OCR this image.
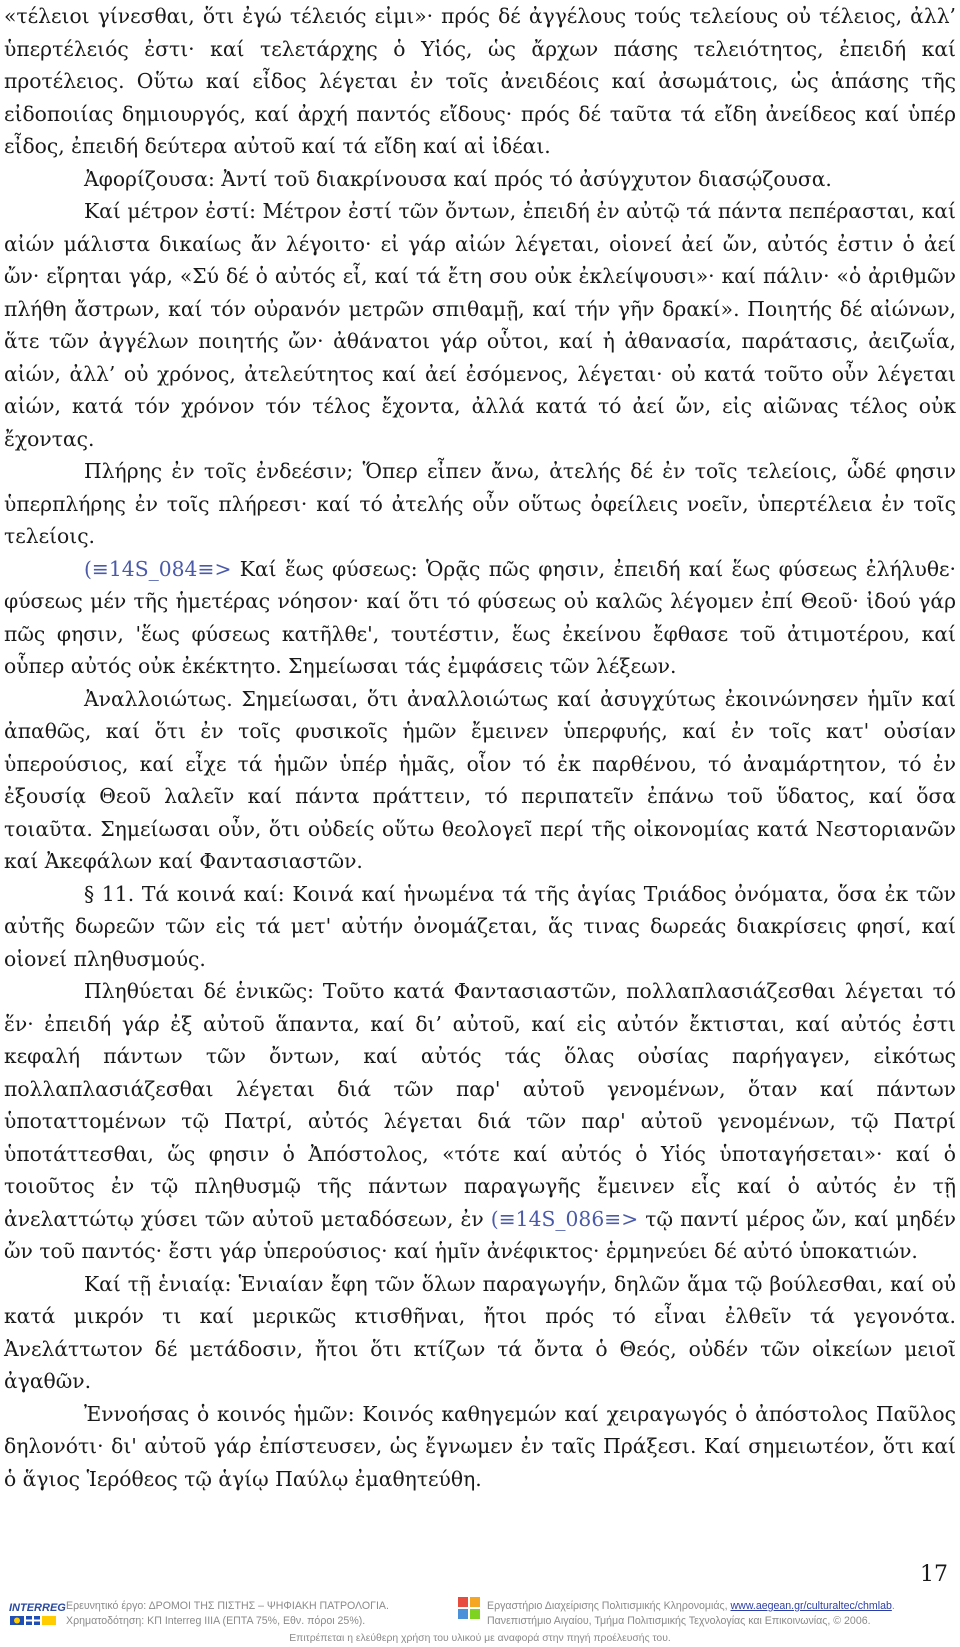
«τέλειοι γίνεσθαι, ὅτι ἐγώ τέλειός εἰμι»· πρός δέ ἀγγέλους τούς τελείους οὐ τέλειος, ἀλλ’ ὑπερτέλειός ἐστι· καί τελετάρχης ὁ Υἱός, ὡς ἄρχων πάσης τελειότητος, ἐπειδή καί προτέλειος. Οὕτω καί εἶδος λέγεται ἐν τοῖς ἀνειδέοις καί ἀσωμάτοις, ὡς ἁπάσης τῆς εἰδοποιίας δημιουργός, καί ἀρχή παντός εἴδους· πρός δέ ταῦτα τά εἴδη ἀνείδεος καί ὑπέρ εἶδος, ἐπειδή δεύτερα αὐτοῦ καί τά εἴδη καί αἱ ἰδέαι.

Ἀφορίζουσα: Ἀντί τοῦ διακρίνουσα καί πρός τό ἀσύγχυτον διασῴζουσα.

Καί μέτρον ἐστί: Μέτρον ἐστί τῶν ὄντων, ἐπειδή ἐν αὐτῷ τά πάντα πεπέρασται, καί αἰών μάλιστα δικαίως ἄν λέγοιτο· εἰ γάρ αἰών λέγεται, οἱονεί ἀεί ὤν, αὐτός ἐστιν ὁ ἀεί ὤν· εἴρηται γάρ, «Σύ δέ ὁ αὐτός εἶ, καί τά ἔτη σου οὐκ ἐκλείψουσι»· καί πάλιν· «ὁ ἀριθμῶν πλήθη ἄστρων, καί τόν οὐρανόν μετρῶν σπιθαμῇ, καί τήν γῆν δρακί». Ποιητής δέ αἰώνων, ἅτε τῶν ἀγγέλων ποιητής ὤν· ἀθάνατοι γάρ οὗτοι, καί ἡ ἀθανασία, παράτασις, ἀειζωΐα, αἰών, ἀλλ’ οὐ χρόνος, ἀτελεύτητος καί ἀεί ἐσόμενος, λέγεται· οὐ κατά τοῦτο οὖν λέγεται αἰών, κατά τόν χρόνον τόν τέλος ἔχοντα, ἀλλά κατά τό ἀεί ὤν, εἰς αἰῶνας τέλος οὐκ ἔχοντας.

Πλήρης ἐν τοῖς ἐνδεέσιν; Ὅπερ εἶπεν ἄνω, ἀτελής δέ ἐν τοῖς τελείοις, ὧδέ φησιν ὑπερπλήρης ἐν τοῖς πλήρεσι· καί τό ἀτελής οὖν οὕτως ὀφείλεις νοεῖν, ὑπερτέλεια ἐν τοῖς τελείοις.

(≡14S_084≡> Καί ἕως φύσεως: Ὁρᾷς πῶς φησιν, ἐπειδή καί ἕως φύσεως ἐλήλυθε· φύσεως μέν τῆς ἡμετέρας νόησον· καί ὅτι τό φύσεως οὐ καλῶς λέγομεν ἐπί Θεοῦ· ἰδού γάρ πῶς φησιν, 'ἕως φύσεως κατῆλθε', τουτέστιν, ἕως ἐκείνου ἔφθασε τοῦ ἀτιμοτέρου, καί οὗπερ αὐτός οὐκ ἐκέκτητο. Σημείωσαι τάς ἐμφάσεις τῶν λέξεων.

Ἀναλλοιώτως. Σημείωσαι, ὅτι ἀναλλοιώτως καί ἀσυγχύτως ἐκοινώνησεν ἡμῖν καί ἀπαθῶς, καί ὅτι ἐν τοῖς φυσικοῖς ἡμῶν ἔμεινεν ὑπερφυής, καί ἐν τοῖς κατ' οὐσίαν ὑπερούσιος, καί εἶχε τά ἡμῶν ὑπέρ ἡμᾶς, οἷον τό ἐκ παρθένου, τό ἀναμάρτητον, τό ἐν ἐξουσίᾳ Θεοῦ λαλεῖν καί πάντα πράττειν, τό περιπατεῖν ἐπάνω τοῦ ὕδατος, καί ὅσα τοιαῦτα. Σημείωσαι οὖν, ὅτι οὐδείς οὕτω θεολογεῖ περί τῆς οἰκονομίας κατά Νεστοριανῶν καί Ἀκεφάλων καί Φαντασιαστῶν.

§ 11. Τά κοινά καί: Κοινά καί ἡνωμένα τά τῆς ἁγίας Τριάδος ὀνόματα, ὅσα ἐκ τῶν αὐτῆς δωρεῶν τῶν εἰς τά μετ' αὐτήν ὀνομάζεται, ἅς τινας δωρεάς διακρίσεις φησί, καί οἱονεί πληθυσμούς.

Πληθύεται δέ ἑνικῶς: Τοῦτο κατά Φαντασιαστῶν, πολλαπλασιάζεσθαι λέγεται τό ἕν· ἐπειδή γάρ ἐξ αὐτοῦ ἅπαντα, καί δι’ αὐτοῦ, καί εἰς αὐτόν ἔκτισται, καί αὐτός ἐστι κεφαλή πάντων τῶν ὄντων, καί αὐτός τάς ὅλας οὐσίας παρήγαγεν, εἰκότως πολλαπλασιάζεσθαι λέγεται διά τῶν παρ' αὐτοῦ γενομένων, ὅταν καί πάντων ὑποταττομένων τῷ Πατρί, αὐτός λέγεται διά τῶν παρ' αὐτοῦ γενομένων, τῷ Πατρί ὑποτάττεσθαι, ὥς φησιν ὁ Ἀπόστολος, «τότε καί αὐτός ὁ Υἱός ὑποταγήσεται»· καί ὁ τοιοῦτος ἐν τῷ πληθυσμῷ τῆς πάντων παραγωγῆς ἔμεινεν εἷς καί ὁ αὐτός ἐν τῇ ἀνελαττώτῳ χύσει τῶν αὐτοῦ μεταδόσεων, ἐν (≡14S_086≡> τῷ παντί μέρος ὤν, καί μηδέν ὤν τοῦ παντός· ἔστι γάρ ὑπερούσιος· καί ἡμῖν ἀνέφικτος· ἑρμηνεύει δέ αὐτό ὑποκατιών.

Καί τῇ ἑνιαίᾳ: Ἑνιαίαν ἔφη τῶν ὅλων παραγωγήν, δηλῶν ἅμα τῷ βούλεσθαι, καί οὐ κατά μικρόν τι καί μερικῶς κτισθῆναι, ἤτοι πρός τό εἶναι ἐλθεῖν τά γεγονότα. Ἀνελάττωτον δέ μετάδοσιν, ἤτοι ὅτι κτίζων τά ὄντα ὁ Θεός, οὐδέν τῶν οἰκείων μειοῖ ἀγαθῶν.

Ἐννοήσας ὁ κοινός ἡμῶν: Κοινός καθηγεμών καί χειραγωγός ὁ ἀπόστολος Παῦλος δηλονότι· δι' αὐτοῦ γάρ ἐπίστευσεν, ὡς ἔγνωμεν ἐν ταῖς Πράξεσι. Καί σημειωτέον, ὅτι καί ὁ ἅγιος Ἱερόθεος τῷ ἁγίῳ Παύλῳ ἐμαθητεύθη.

17
INTERREG Ερευνητικό έργο: ΔΡΟΜΟΙ ΤΗΣ ΠΙΣΤΗΣ – ΨΗΦΙΑΚΗ ΠΑΤΡΟΛΟΓΙΑ.
Χρηματοδότηση: ΚΠ Interreg IIIA (ΕΠΤΑ 75%, Εθν. πόροι 25%).
Εργαστήριο Διαχείρισης Πολιτισμικής Κληρονομιάς, www.aegean.gr/culturaltec/chmlab.
Πανεπιστήμιο Αιγαίου, Τμήμα Πολιτισμικής Τεχνολογίας και Επικοινωνίας, © 2006.
Επιτρέπεται η ελεύθερη χρήση του υλικού με αναφορά στην πηγή προέλευσής του.
